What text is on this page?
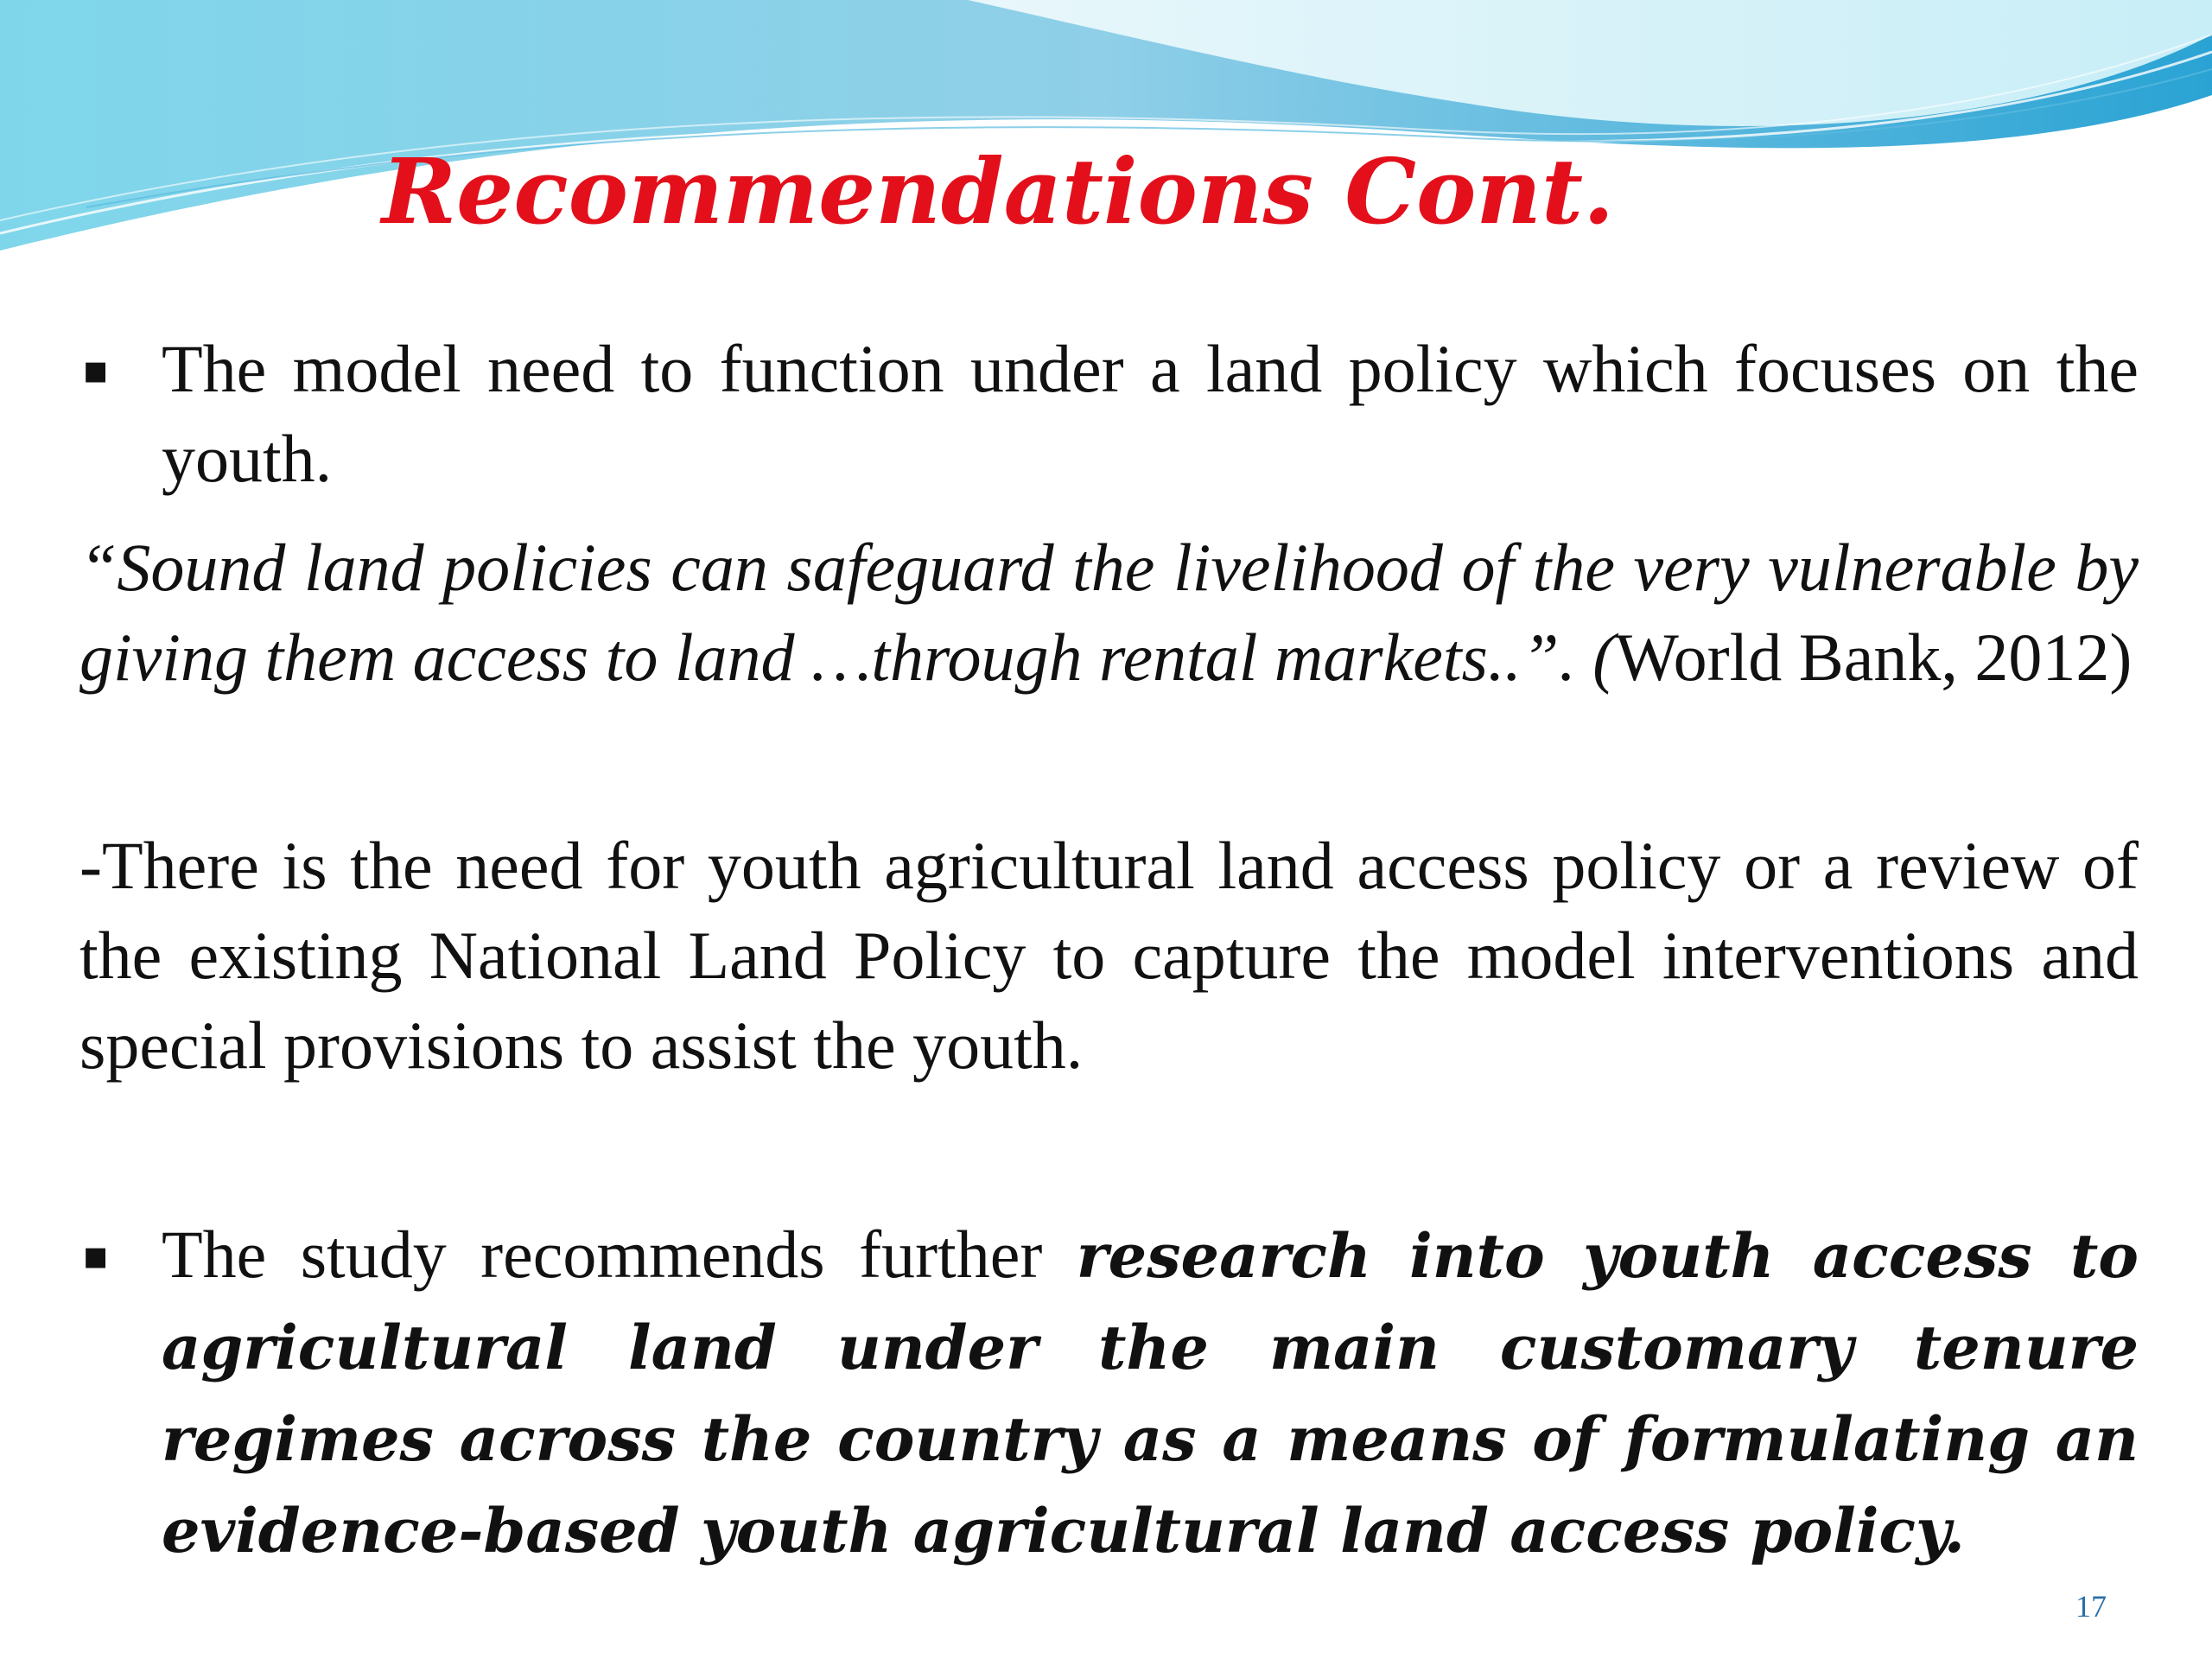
Recommendations Cont.
▪ The model need to function under a land policy which focuses on the youth.
“Sound land policies can safeguard the livelihood of the very vulnerable by giving them access to land …through rental markets..”. (World Bank, 2012)
-There is the need for youth agricultural land access policy or a review of the existing National Land Policy to capture the model interventions and special provisions to assist the youth.
▪ The study recommends further research into youth access to agricultural land under the main customary tenure regimes across the country as a means of formulating an evidence-based youth agricultural land access policy.
17
